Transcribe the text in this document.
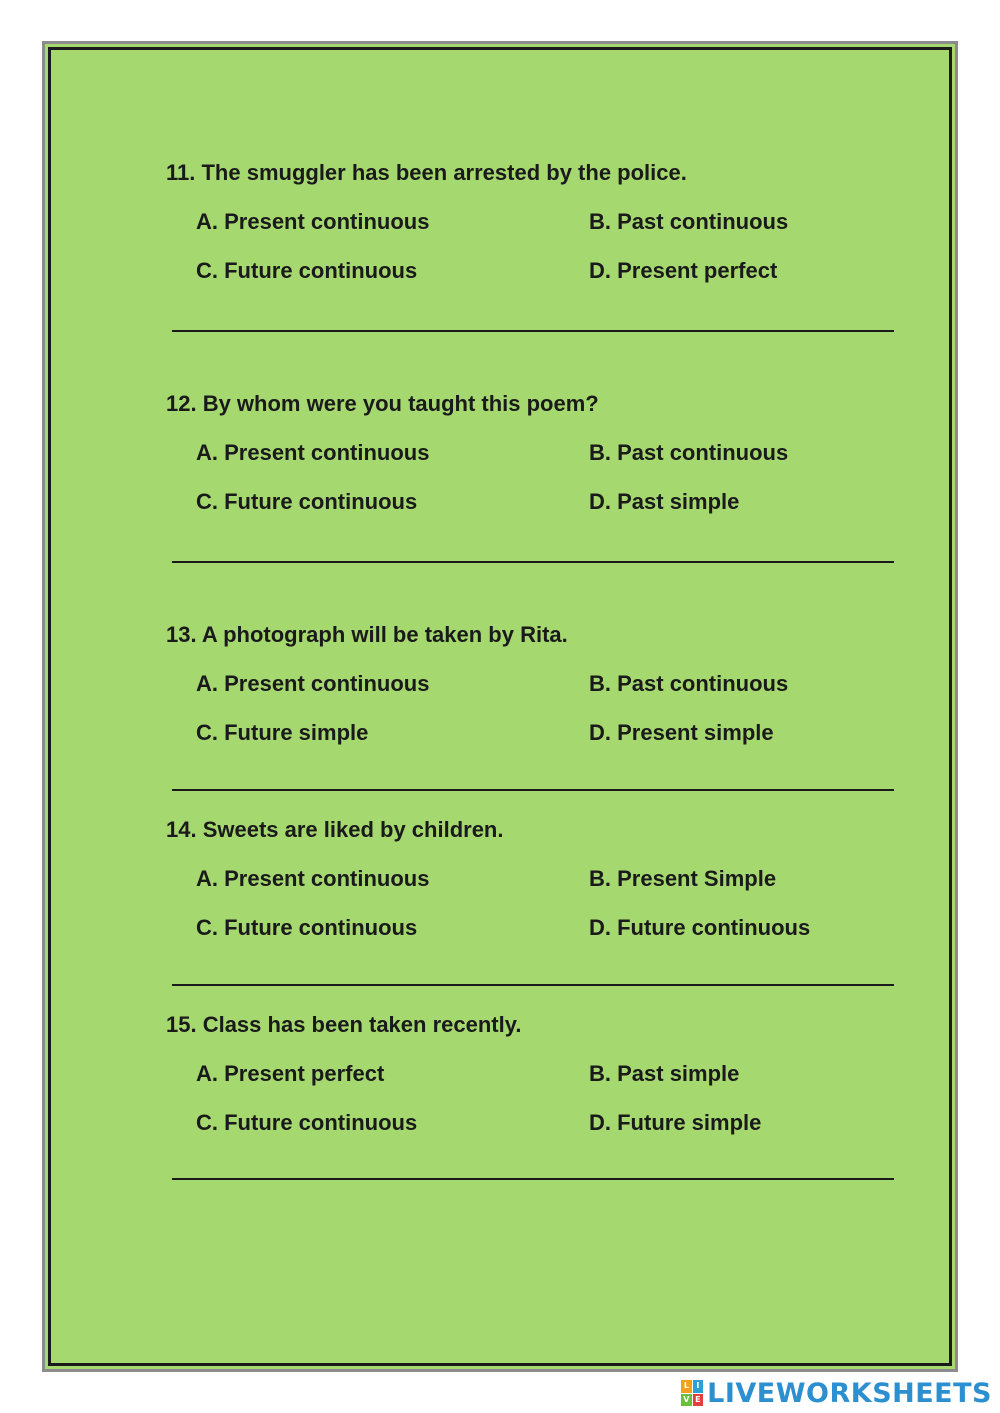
11. The smuggler has been arrested by the police.
A. Present continuous	B. Past continuous
C. Future continuous	D. Present perfect
12. By whom were you taught this poem?
A. Present continuous	B. Past continuous
C. Future continuous	D. Past simple
13. A photograph will be taken by Rita.
A. Present continuous	B. Past continuous
C. Future simple	D. Present simple
14. Sweets are liked by children.
A. Present continuous	B. Present Simple
C. Future continuous	D. Future continuous
15. Class has been taken recently.
A. Present perfect	B. Past simple
C. Future continuous	D. Future simple
L I
V E LIVEWORKSHEETS
